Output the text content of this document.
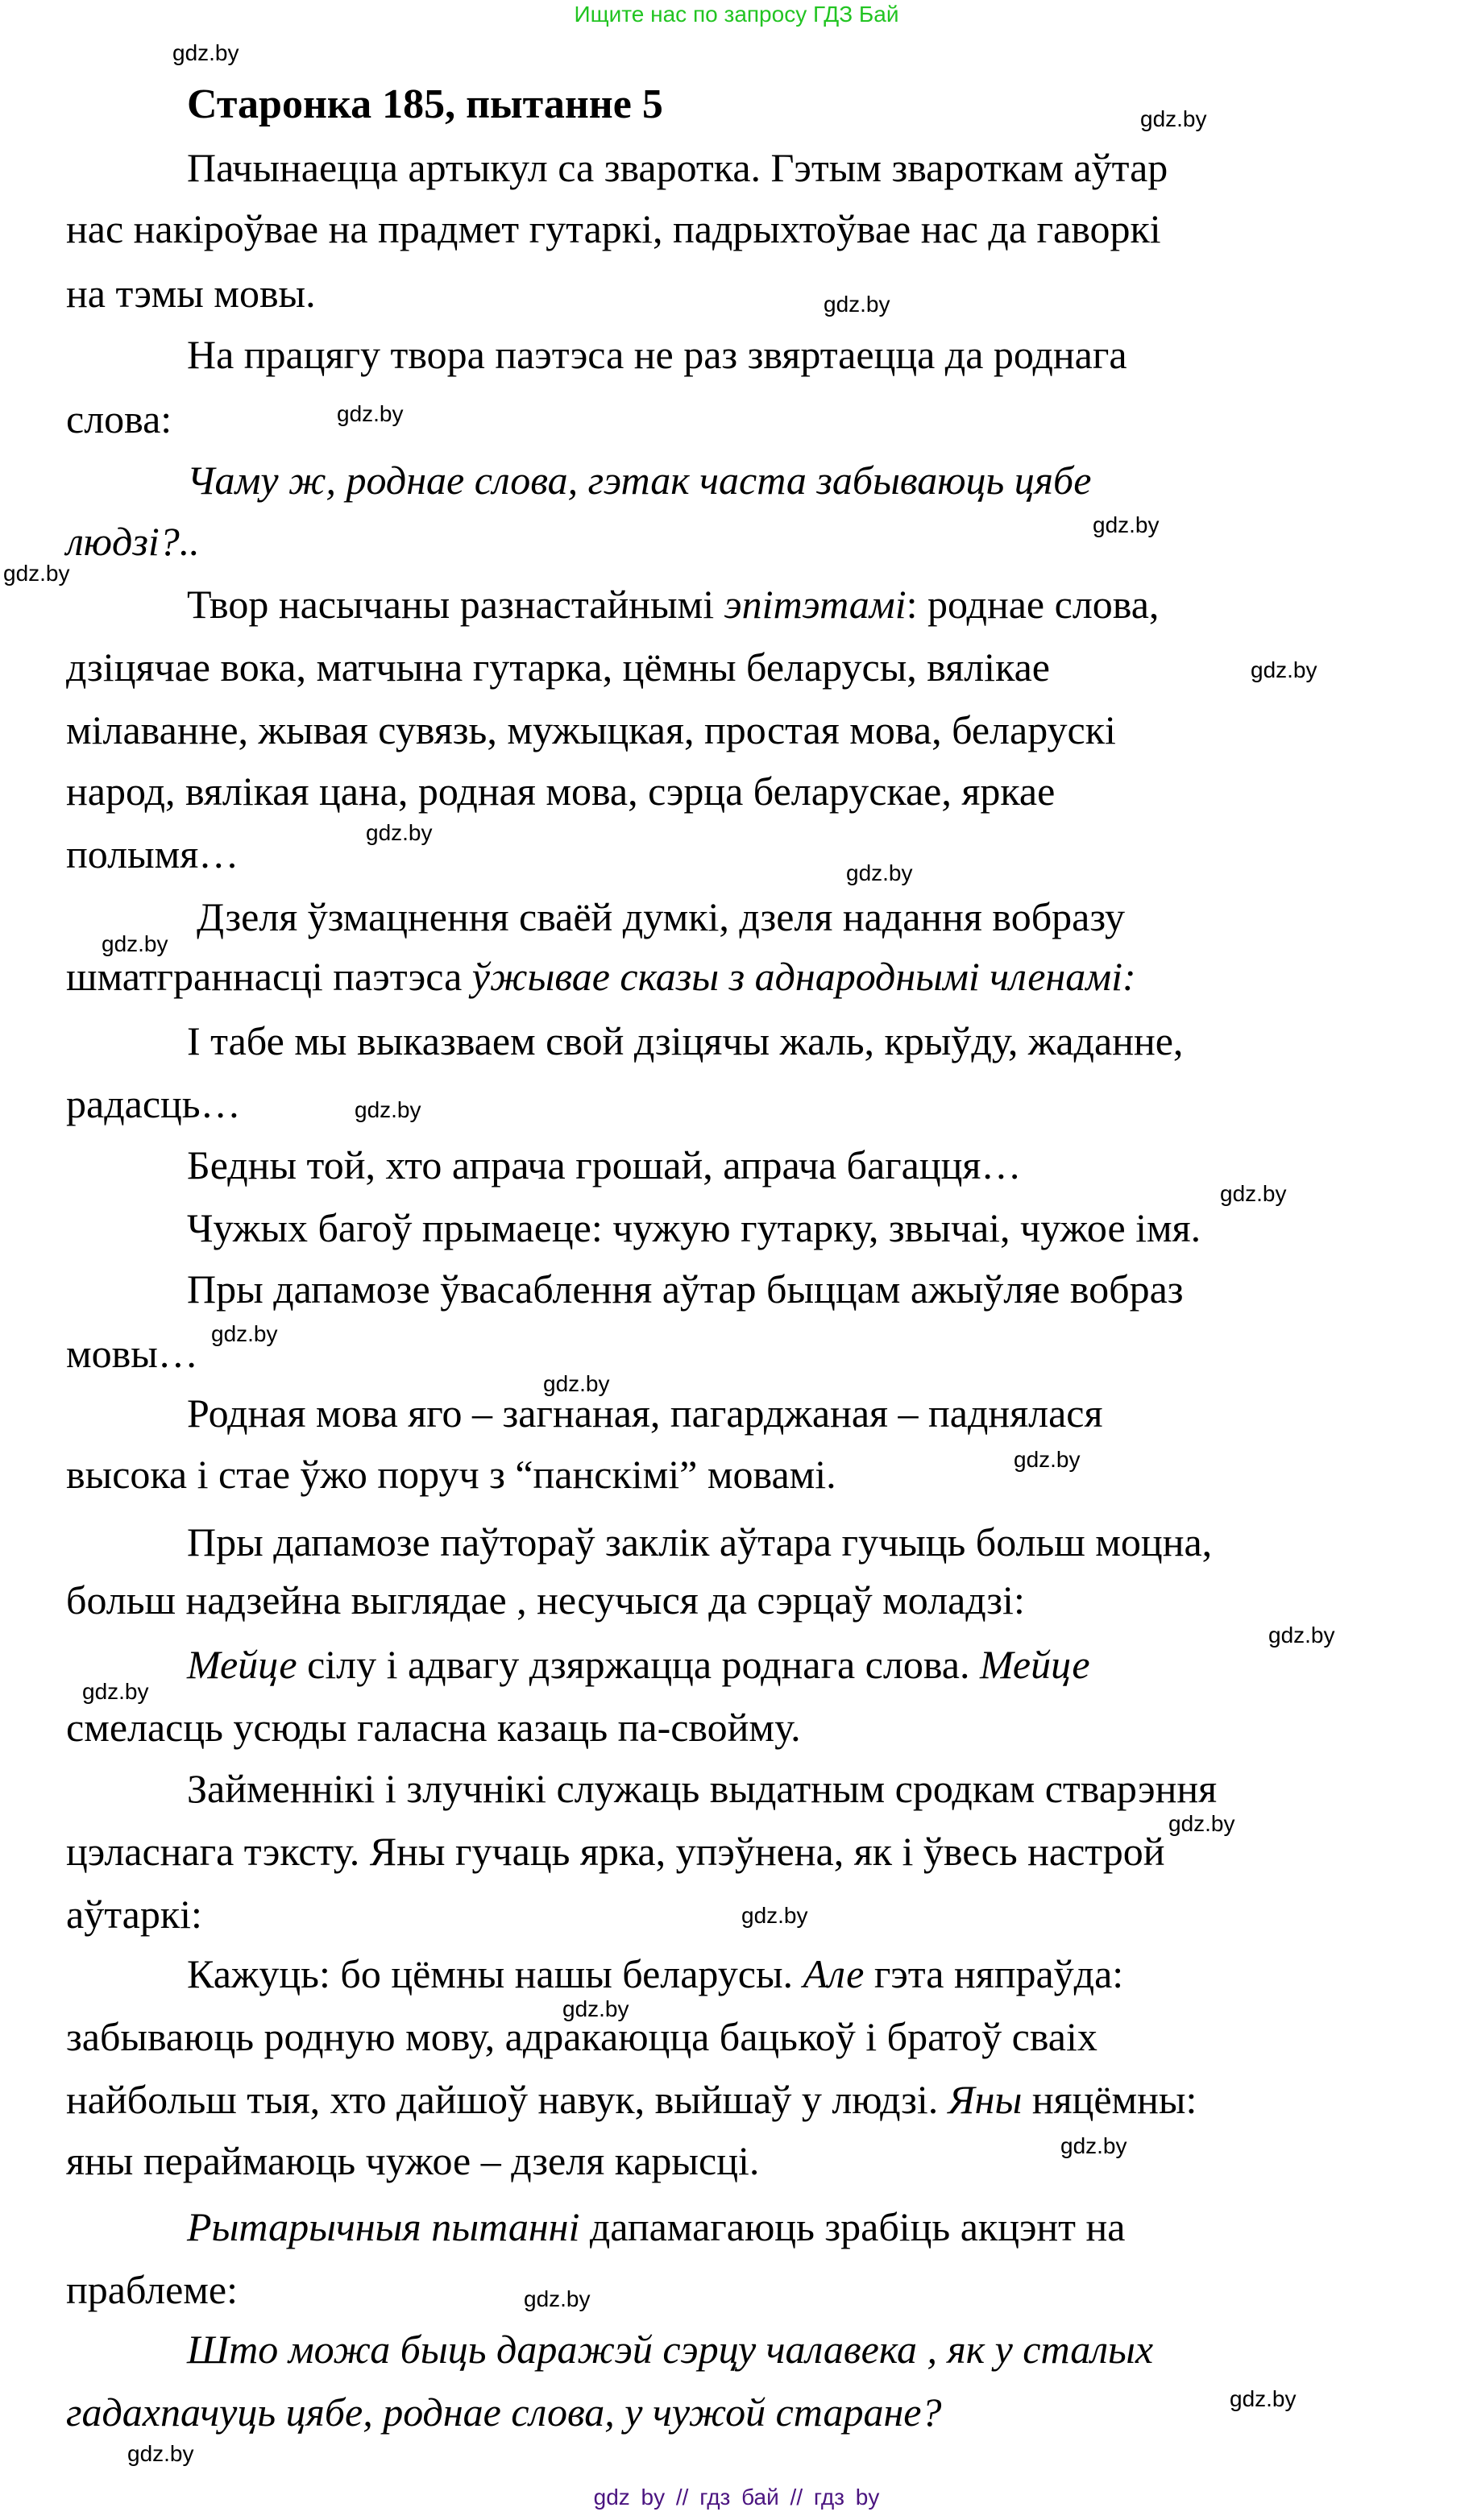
Ищите нас по запросу ГДЗ Бай
Старонка 185, пытанне 5
Пачынаецца артыкул са зваротка. Гэтым звароткам аўтар
нас накіроўвае на прадмет гутаркі, падрыхтоўвае нас да гаворкі
на тэмы мовы.
На працягу твора паэтэса не раз звяртаецца да роднага
слова:
Чаму ж, роднае слова, гэтак часта забываюць цябе
людзі?..
Твор насычаны разнастайнымі эпітэтамі: роднае слова,
дзіцячае вока, матчына гутарка, цёмны беларусы, вялікае
мілаванне, жывая сувязь, мужыцкая, простая мова, беларускі
народ, вялікая цана, родная мова, сэрца беларускае, яркае
полымя…
Дзеля ўзмацнення сваёй думкі, дзеля надання вобразу
шматграннасці паэтэса ўжывае сказы з аднароднымі членамі:
І табе мы выказваем свой дзіцячы жаль, крыўду, жаданне,
радасць…
Бедны той, хто апрача грошай, апрача багацця…
Чужых багоў прымаеце: чужую гутарку, звычаі, чужое імя.
Пры дапамозе ўвасаблення аўтар быццам ажыўляе вобраз
мовы…
Родная мова яго – загнаная, пагарджаная – паднялася
высока і стае ўжо поруч з “панскімі” мовамі.
Пры дапамозе паўтораў заклік аўтара гучыць больш моцна,
больш надзейна выглядае , несучыся да сэрцаў моладзі:
Мейце сілу і адвагу дзяржацца роднага слова. Мейце
смеласць усюды галасна казаць па-свойму.
Займеннікі і злучнікі служаць выдатным сродкам стварэння
цэласнага тэксту. Яны гучаць ярка, упэўнена, як і ўвесь настрой
аўтаркі:
Кажуць: бо цёмны нашы беларусы. Але гэта няпраўда:
забываюць родную мову, адракаюцца бацькоў і братоў сваіх
найбольш тыя, хто дайшоў навук, выйшаў у людзі. Яны няцёмны:
яны пераймаюць чужое – дзеля карысці.
Рытарычныя пытанні дапамагаюць зрабіць акцэнт на
праблеме:
Што можа быць даражэй сэрцу чалавека , як у сталых
гадахпачуць цябе, роднае слова, у чужой старане?
gdz.by
gdz.by
gdz.by
gdz.by
gdz.by
gdz.by
gdz.by
gdz.by
gdz.by
gdz.by
gdz.by
gdz.by
gdz.by
gdz.by
gdz.by
gdz.by
gdz.by
gdz.by
gdz.by
gdz.by
gdz.by
gdz.by
gdz.by
gdz.by
gdz by // гдз бай // гдз by
